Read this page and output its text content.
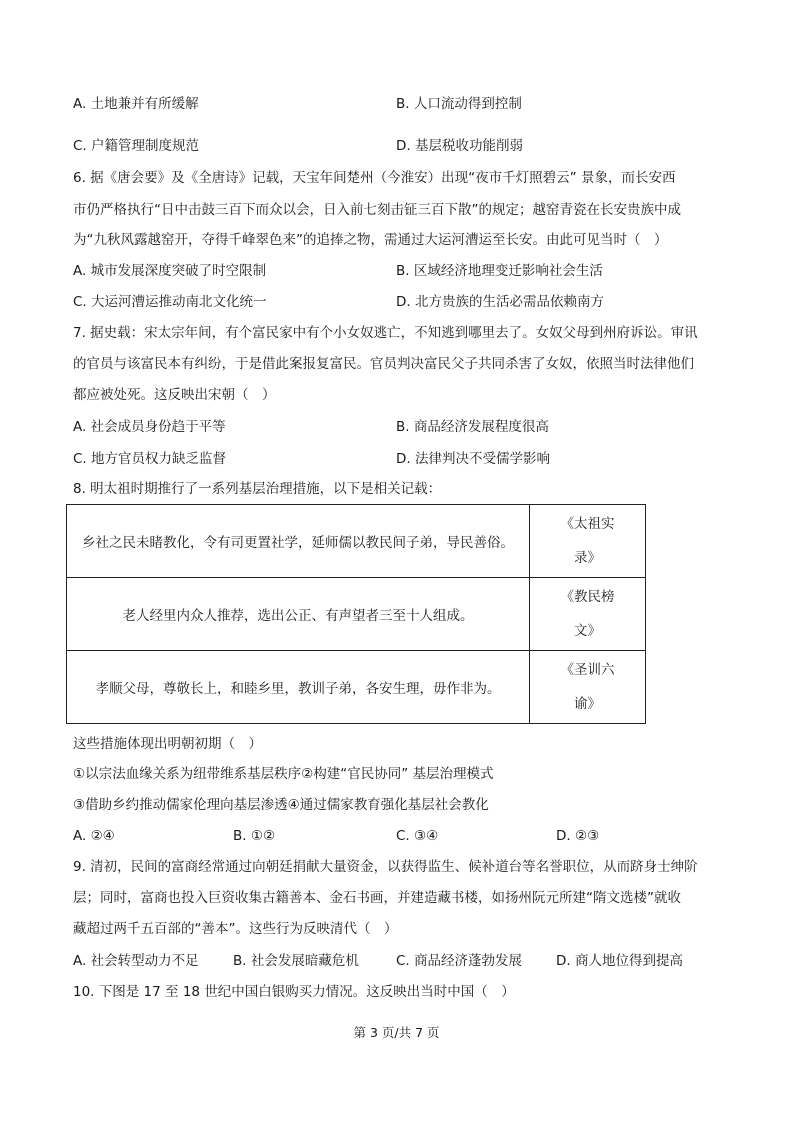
A. 土地兼并有所缓解	B. 人口流动得到控制
C. 户籍管理制度规范	D. 基层税收功能削弱
6. 据《唐会要》及《全唐诗》记载，天宝年间楚州（今淮安）出现“夜市千灯照碧云” 景象，而长安西
市仍严格执行“日中击鼓三百下而众以会，日入前七刻击钲三百下散”的规定；越窑青瓷在长安贵族中成
为“九秋风露越窑开，夺得千峰翠色来”的追捧之物，需通过大运河漕运至长安。由此可见当时（　）
A. 城市发展深度突破了时空限制	B. 区域经济地理变迁影响社会生活
C. 大运河漕运推动南北文化统一	D. 北方贵族的生活必需品依赖南方
7. 据史载：宋太宗年间，有个富民家中有个小女奴逃亡，不知逃到哪里去了。女奴父母到州府诉讼。审讯
的官员与该富民本有纠纷，于是借此案报复富民。官员判决富民父子共同杀害了女奴，依照当时法律他们
都应被处死。这反映出宋朝（　）
A. 社会成员身份趋于平等	B. 商品经济发展程度很高
C. 地方官员权力缺乏监督	D. 法律判决不受儒学影响
8. 明太祖时期推行了一系列基层治理措施，以下是相关记载：
乡社之民未睹教化，令有司更置社学，延师儒以教民间子弟，导民善俗。	《太祖实
录》

老人经里内众人推荐，选出公正、有声望者三至十人组成。	《教民榜
文》

孝顺父母，尊敬长上，和睦乡里，教训子弟，各安生理，毋作非为。	《圣训六
谕》
这些措施体现出明朝初期（　）
①以宗法血缘关系为纽带维系基层秩序②构建“官民协同” 基层治理模式
③借助乡约推动儒家伦理向基层渗透④通过儒家教育强化基层社会教化
A. ②④	B. ①②	C. ③④	D. ②③
9. 清初，民间的富商经常通过向朝廷捐献大量资金，以获得监生、候补道台等名誉职位，从而跻身士绅阶
层；同时，富商也投入巨资收集古籍善本、金石书画，并建造藏书楼，如扬州阮元所建“隋文选楼”就收
藏超过两千五百部的“善本”。这些行为反映清代（　）
A. 社会转型动力不足	B. 社会发展暗藏危机	C. 商品经济蓬勃发展	D. 商人地位得到提高
10. 下图是 17 至 18 世纪中国白银购买力情况。这反映出当时中国（　）
第 3 页/共 7 页
